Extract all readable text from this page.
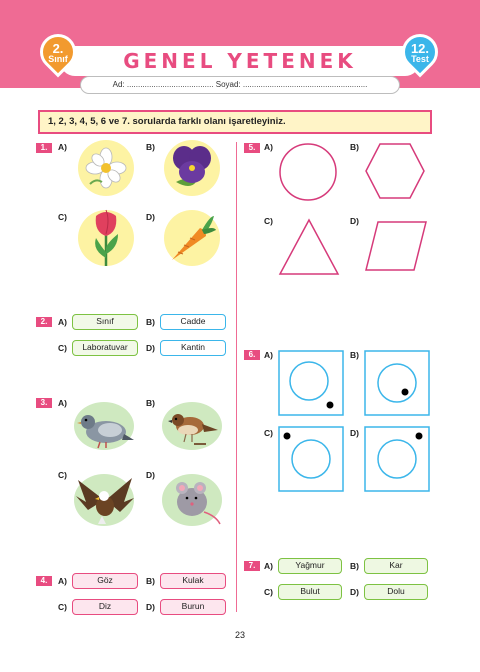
GENEL YETENEK
2.
Sınıf
12.
Test
Ad: ....................................... Soyad: ........................................................
1, 2, 3, 4, 5, 6 ve 7. sorularda farklı olanı işaretleyiniz.
1.	A)	B)
C)	D)
2.	A)	Sınıf	B)	Cadde
C)	Laboratuvar	D)	Kantin
3.	A)	B)
C)	D)
4.	A)	Göz	B)	Kulak
C)	Diz	D)	Burun
5.	A)	B)
C)	D)
6.	A)	B)
C)	D)
7.	A)	Yağmur	B)	Kar
C)	Bulut	D)	Dolu
23
